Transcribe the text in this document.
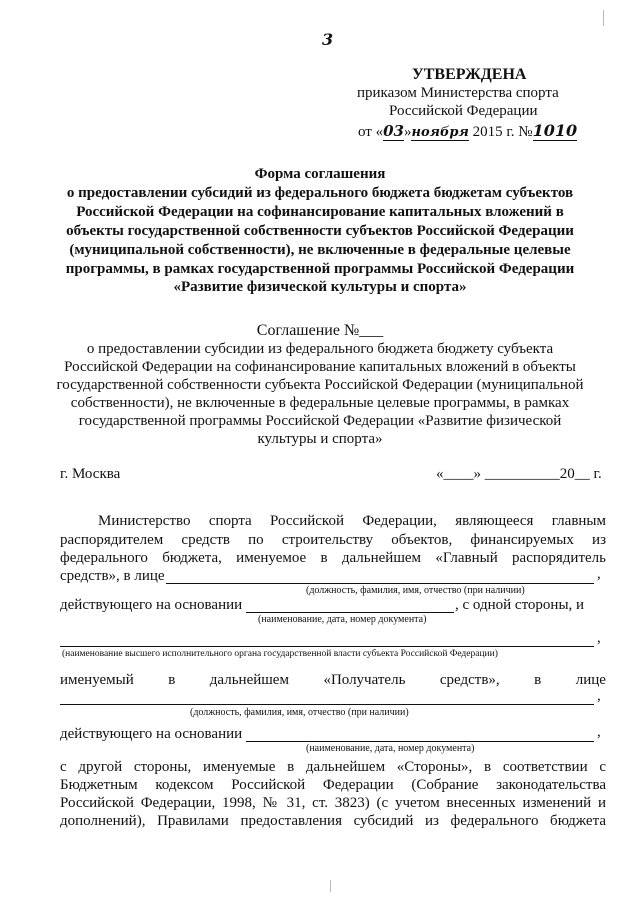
3
УТВЕРЖДЕНА
приказом Министерства спорта
Российской Федерации
от «03»ноября 2015 г. №1010
Форма соглашения
о предоставлении субсидий из федерального бюджета бюджетам субъектов
Российской Федерации на софинансирование капитальных вложений в
объекты государственной собственности субъектов Российской Федерации
(муниципальной собственности), не включенные в федеральные целевые
программы, в рамках государственной программы Российской Федерации
«Развитие физической культуры и спорта»
Соглашение №___
о предоставлении субсидии из федерального бюджета бюджету субъекта
Российской Федерации на софинансирование капитальных вложений в объекты
государственной собственности субъекта Российской Федерации (муниципальной
собственности), не включенные в федеральные целевые программы, в рамках
государственной программы Российской Федерации «Развитие физической
культуры и спорта»
г. Москва	«____» __________20__ г.
Министерство спорта Российской Федерации, являющееся главным
распорядителем средств по строительству объектов, финансируемых из
федерального бюджета, именуемое в дальнейшем «Главный распорядитель
средств», в лице	,
(должность, фамилия, имя, отчество (при наличии)
действующего на основании	, с одной стороны, и
(наименование, дата, номер документа)
,
(наименование высшего исполнительного органа государственной власти субъекта Российской Федерации)
именуемый в дальнейшем «Получатель средств», в лице
,
(должность, фамилия, имя, отчество (при наличии)
действующего на основании	,
(наименование, дата, номер документа)
с другой стороны, именуемые в дальнейшем «Стороны», в соответствии с
Бюджетным кодексом Российской Федерации (Собрание законодательства
Российской Федерации, 1998, № 31, ст. 3823) (с учетом внесенных изменений и
дополнений), Правилами предоставления субсидий из федерального бюджета
